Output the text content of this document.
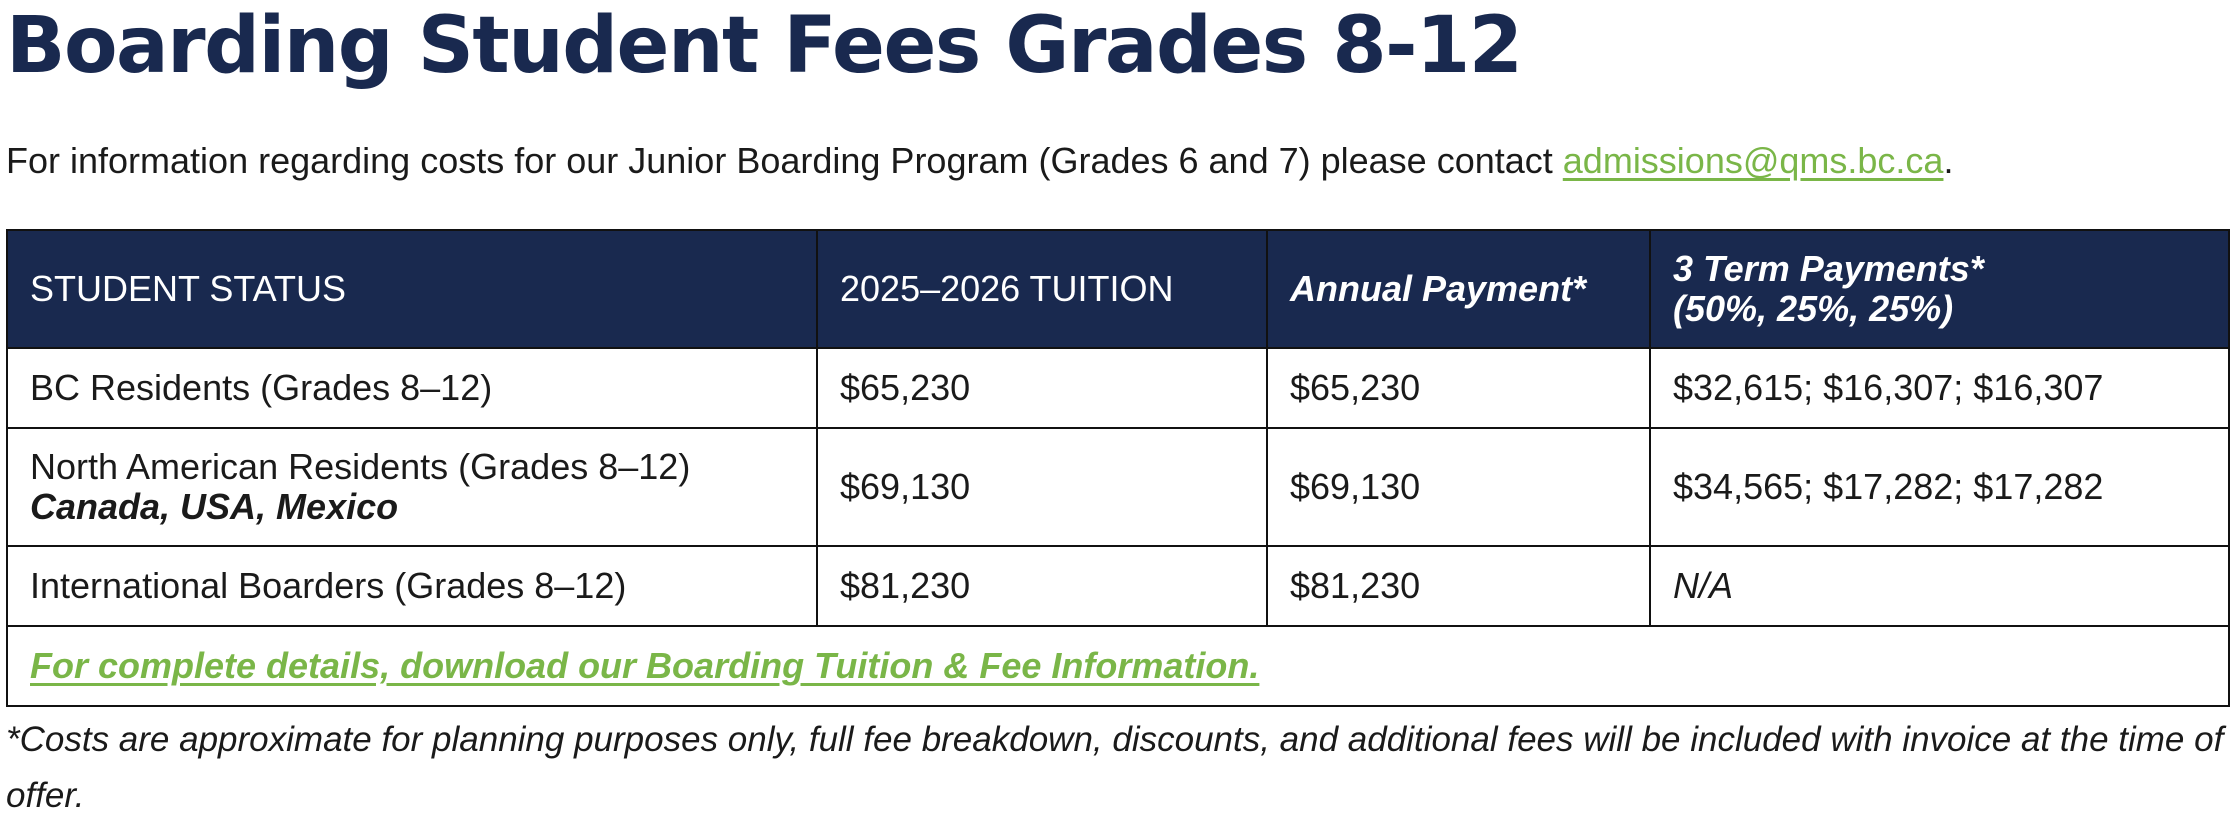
Boarding Student Fees Grades 8-12

For information regarding costs for our Junior Boarding Program (Grades 6 and 7) please contact admissions@qms.bc.ca.

STUDENT STATUS	2025–2026 TUITION	Annual Payment*	3 Term Payments*
(50%, 25%, 25%)

BC Residents (Grades 8–12)	$65,230	$65,230	$32,615; $16,307; $16,307

North American Residents (Grades 8–12)
Canada, USA, Mexico	$69,130	$69,130	$34,565; $17,282; $17,282
International Boarders (Grades 8–12)	$81,230	$81,230	N/A
For complete details, download our Boarding Tuition & Fee Information.			

*Costs are approximate for planning purposes only, full fee breakdown, discounts, and additional fees will be included with invoice at the time of offer.
